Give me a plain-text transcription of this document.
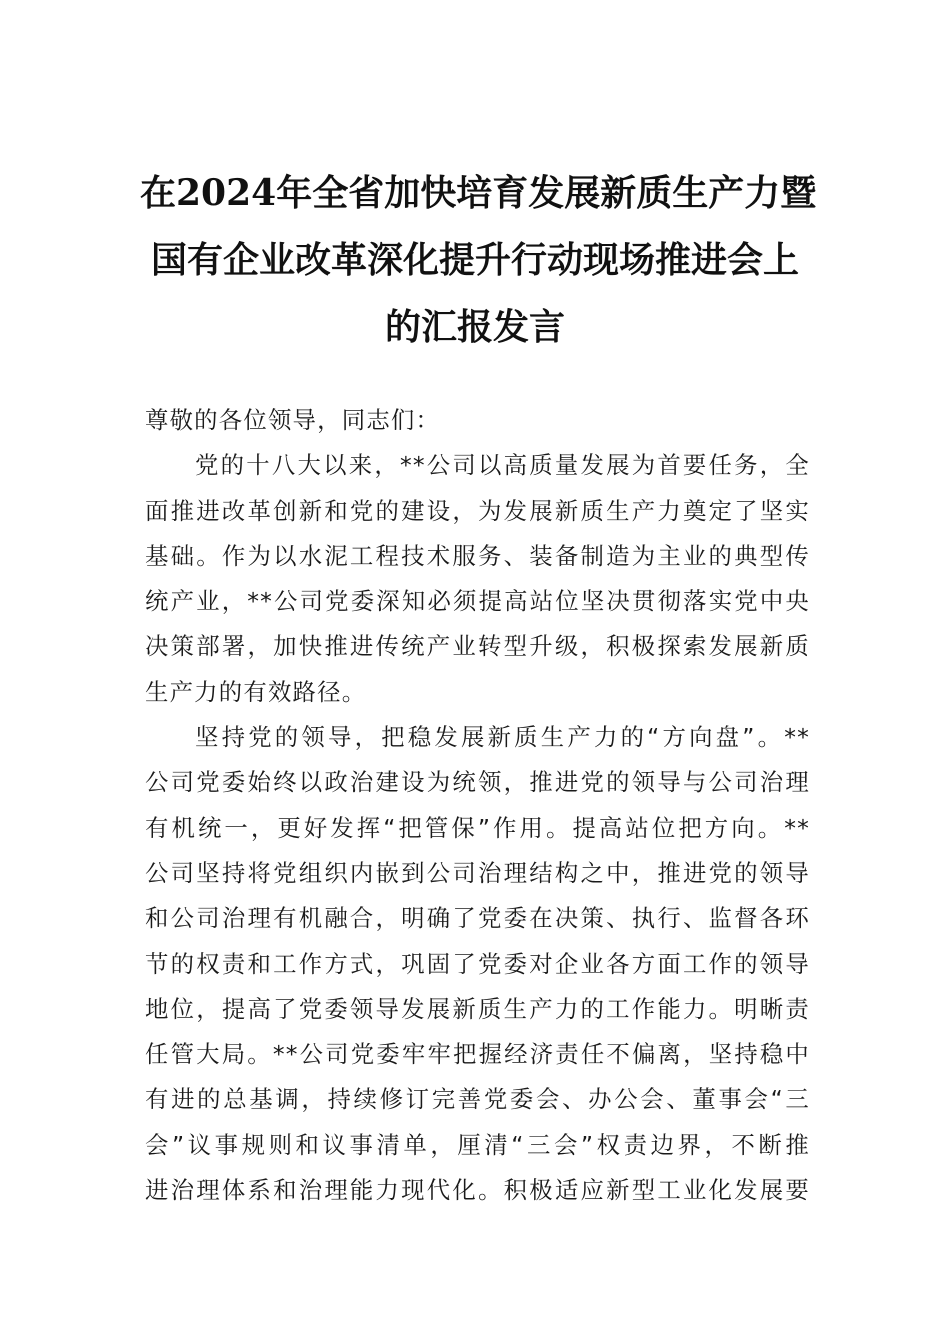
在2024年全省加快培育发展新质生产力暨
国有企业改革深化提升行动现场推进会上
的汇报发言
尊敬的各位领导，同志们：
党的十八大以来，**公司以高质量发展为首要任务，全
面推进改革创新和党的建设，为发展新质生产力奠定了坚实
基础。作为以水泥工程技术服务、装备制造为主业的典型传
统产业，**公司党委深知必须提高站位坚决贯彻落实党中央
决策部署，加快推进传统产业转型升级，积极探索发展新质
生产力的有效路径。
坚持党的领导，把稳发展新质生产力的“方向盘”。**
公司党委始终以政治建设为统领，推进党的领导与公司治理
有机统一，更好发挥“把管保”作用。提高站位把方向。**
公司坚持将党组织内嵌到公司治理结构之中，推进党的领导
和公司治理有机融合，明确了党委在决策、执行、监督各环
节的权责和工作方式，巩固了党委对企业各方面工作的领导
地位，提高了党委领导发展新质生产力的工作能力。明晰责
任管大局。**公司党委牢牢把握经济责任不偏离，坚持稳中
有进的总基调，持续修订完善党委会、办公会、董事会“三
会”议事规则和议事清单，厘清“三会”权责边界，不断推
进治理体系和治理能力现代化。积极适应新型工业化发展要
